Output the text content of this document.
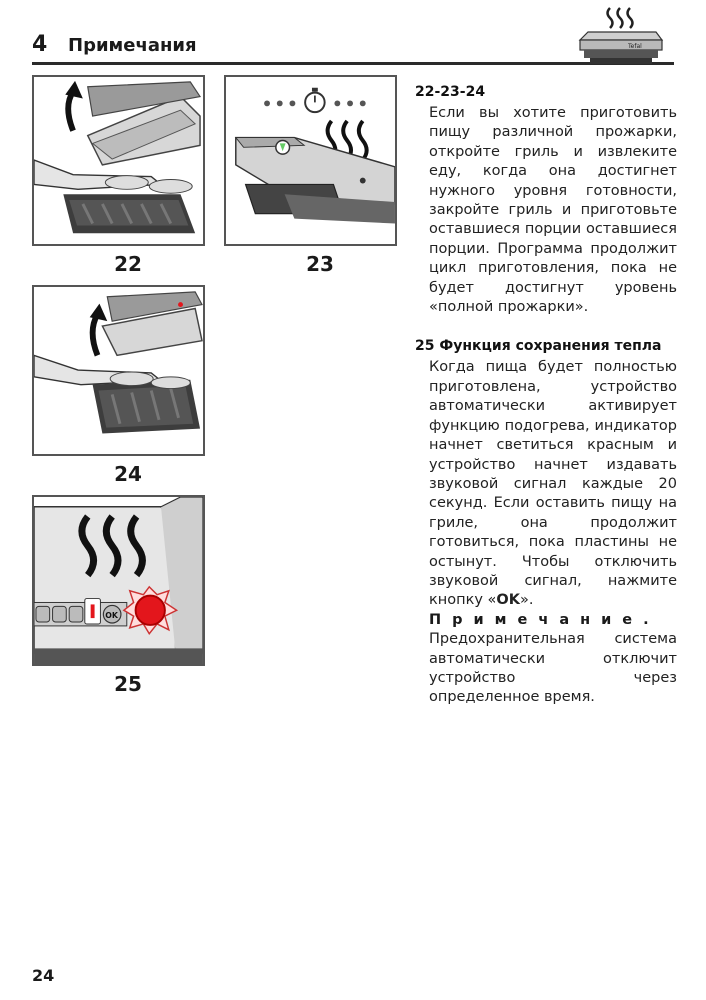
4 Примечания	Tefal
22	23
24
OK
25

22-23-24

Если вы хотите приготовить пищу различной прожарки, откройте гриль и извлеките еду, когда она достигнет нужного уровня готовности, закройте гриль и приготовьте оставшиеся порции оставшиеся порции. Программа продолжит цикл приготовления, пока не будет достигнут уровень «полной прожарки».

25 Функция сохранения тепла

Когда пища будет полностью приготовлена, устройство автоматически активирует функцию подогрева, индикатор начнет светиться красным и устройство начнет издавать звуковой сигнал каждые 20 секунд. Если оставить пищу на гриле, она продолжит готовиться, пока пластины не остынут. Чтобы отключить звуковой сигнал, нажмите кнопку «OK».

Примечание.

Предохранительная система автоматически отключит устройство через определенное время.

24
